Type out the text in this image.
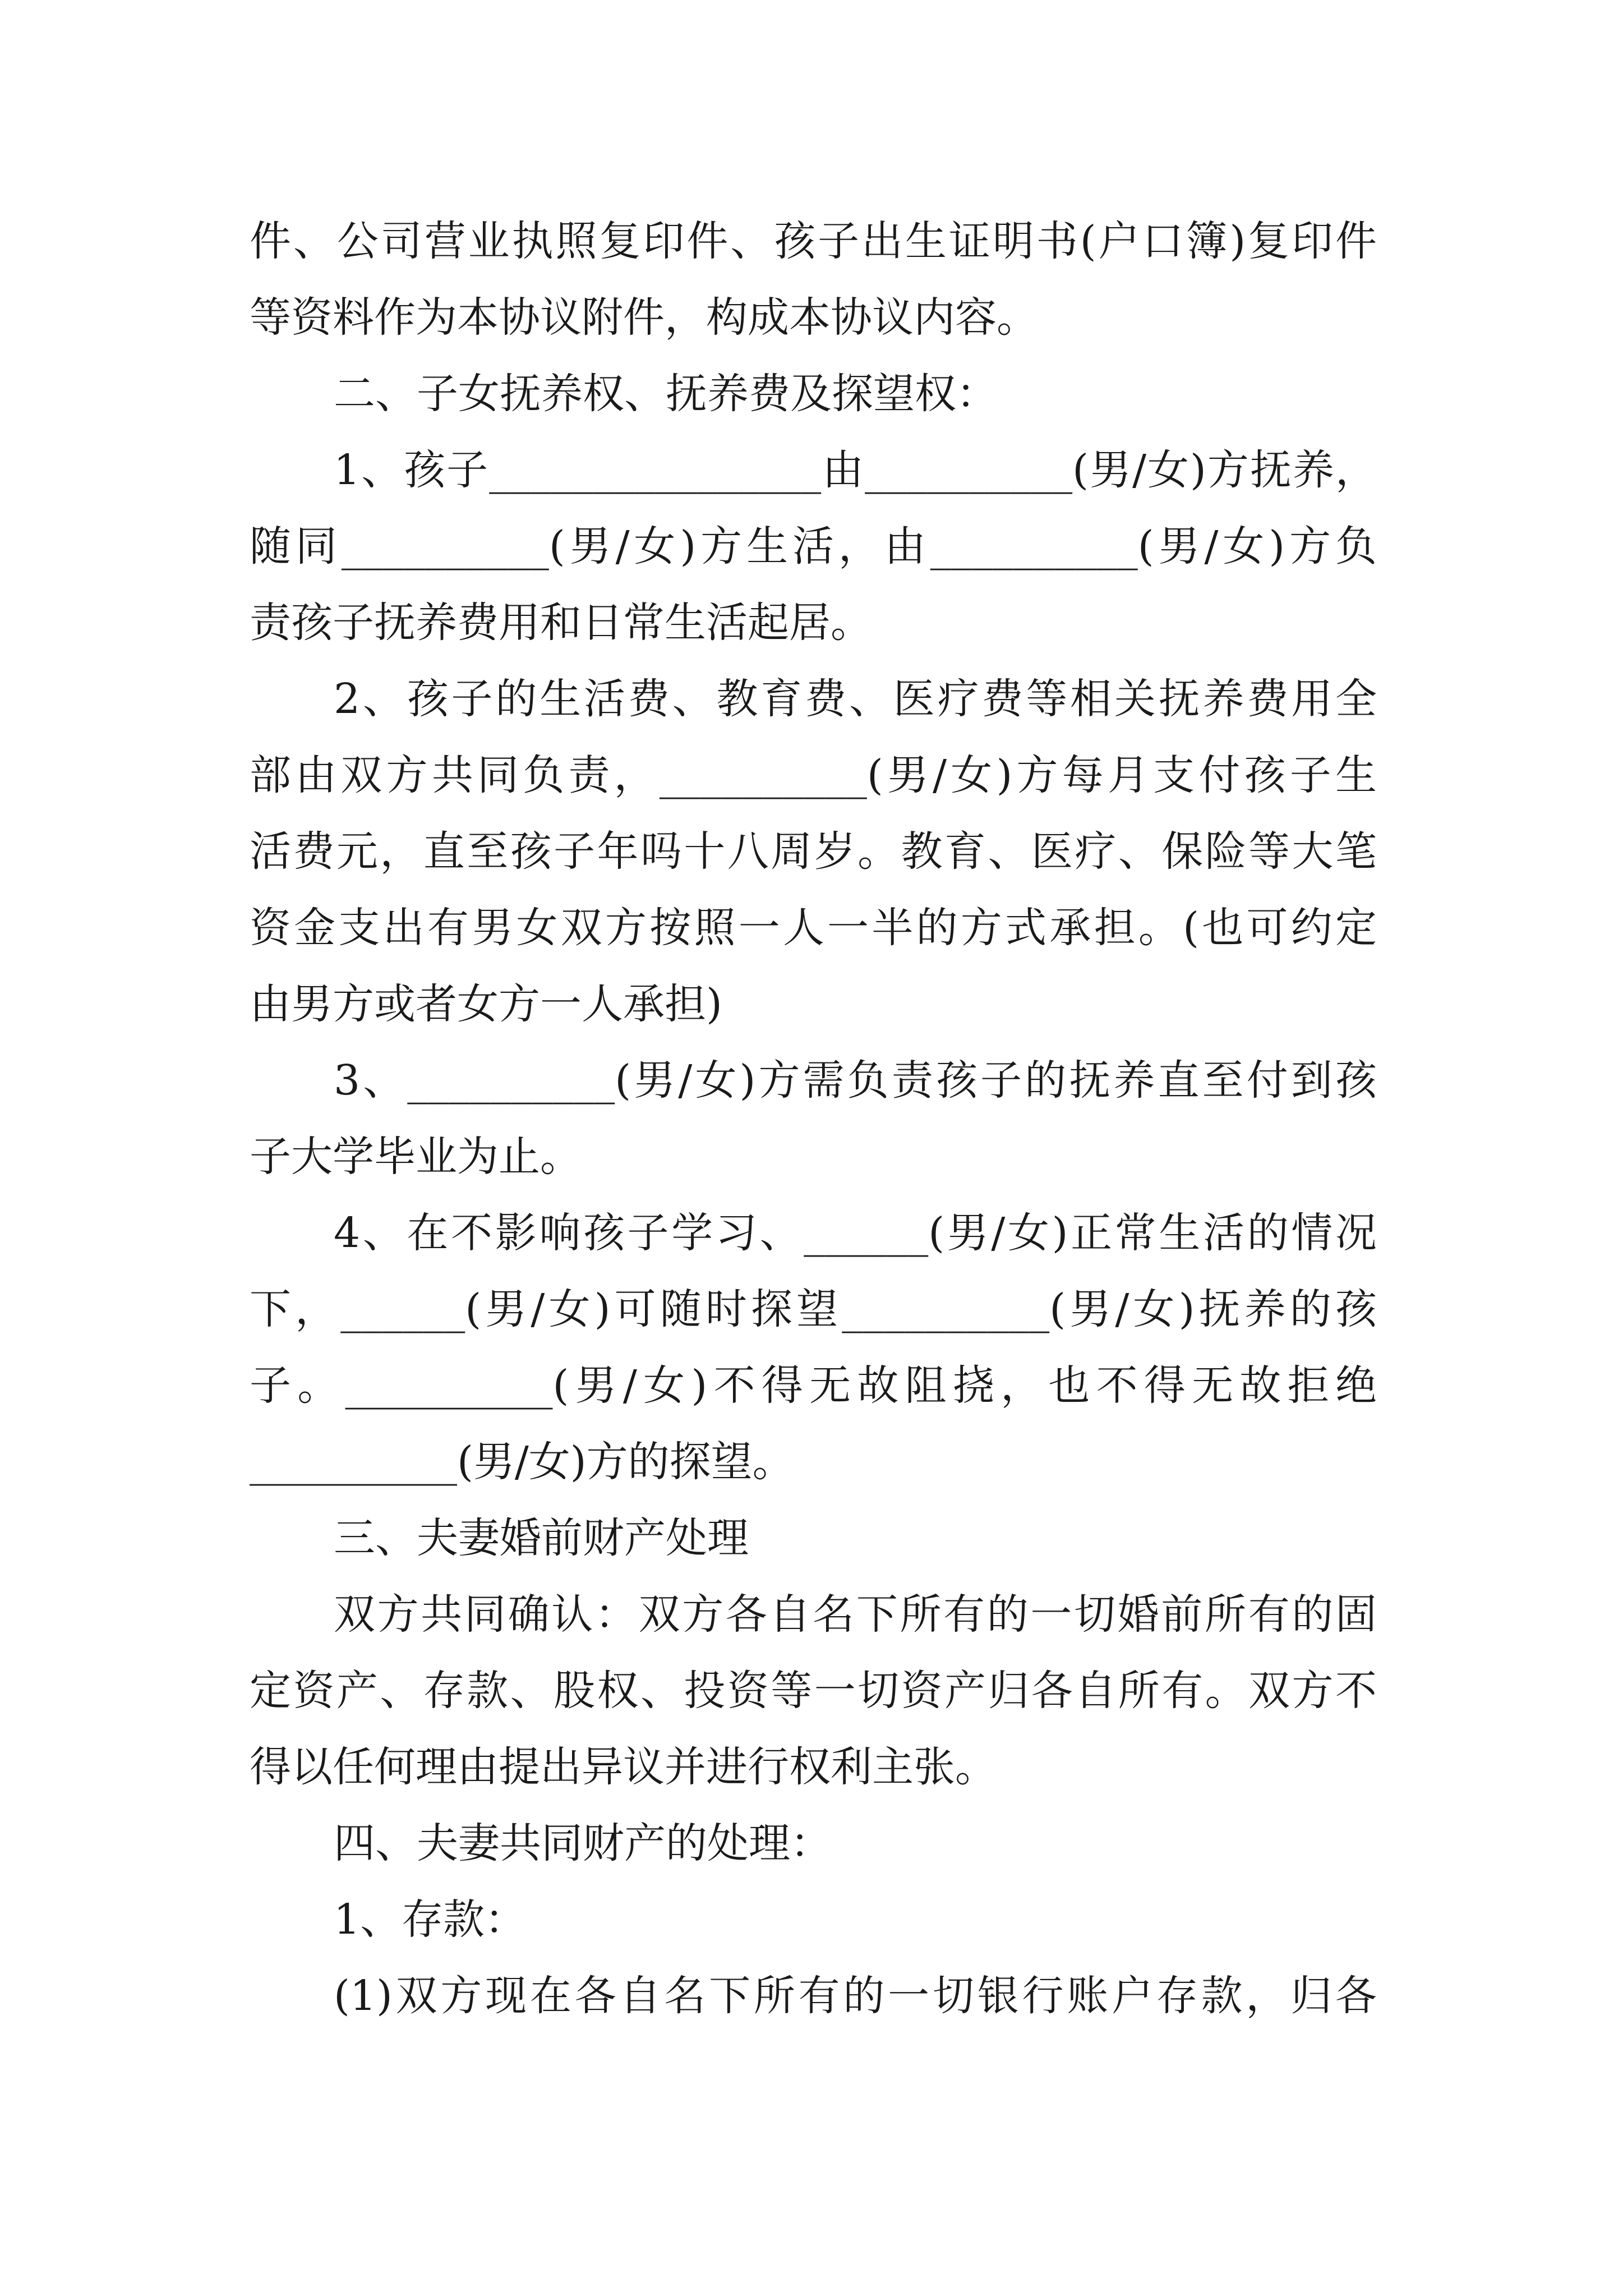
件、公司营业执照复印件、孩子出生证明书(户口簿)复印件
等资料作为本协议附件，构成本协议内容。
二、子女抚养权、抚养费及探望权：
1、孩子________________由__________(男/女)方抚养，
随同__________(男/女)方生活，由__________(男/女)方负
责孩子抚养费用和日常生活起居。
2、孩子的生活费、教育费、医疗费等相关抚养费用全
部由双方共同负责，__________(男/女)方每月支付孩子生
活费元，直至孩子年吗十八周岁。教育、医疗、保险等大笔
资金支出有男女双方按照一人一半的方式承担。(也可约定
由男方或者女方一人承担)
3、__________(男/女)方需负责孩子的抚养直至付到孩
子大学毕业为止。
4、在不影响孩子学习、______(男/女)正常生活的情况
下，______(男/女)可随时探望__________(男/女)抚养的孩
子。__________(男/女)不得无故阻挠，也不得无故拒绝
__________(男/女)方的探望。
三、夫妻婚前财产处理
双方共同确认：双方各自名下所有的一切婚前所有的固
定资产、存款、股权、投资等一切资产归各自所有。双方不
得以任何理由提出异议并进行权利主张。
四、夫妻共同财产的处理：
1、存款：
(1)双方现在各自名下所有的一切银行账户存款，归各
